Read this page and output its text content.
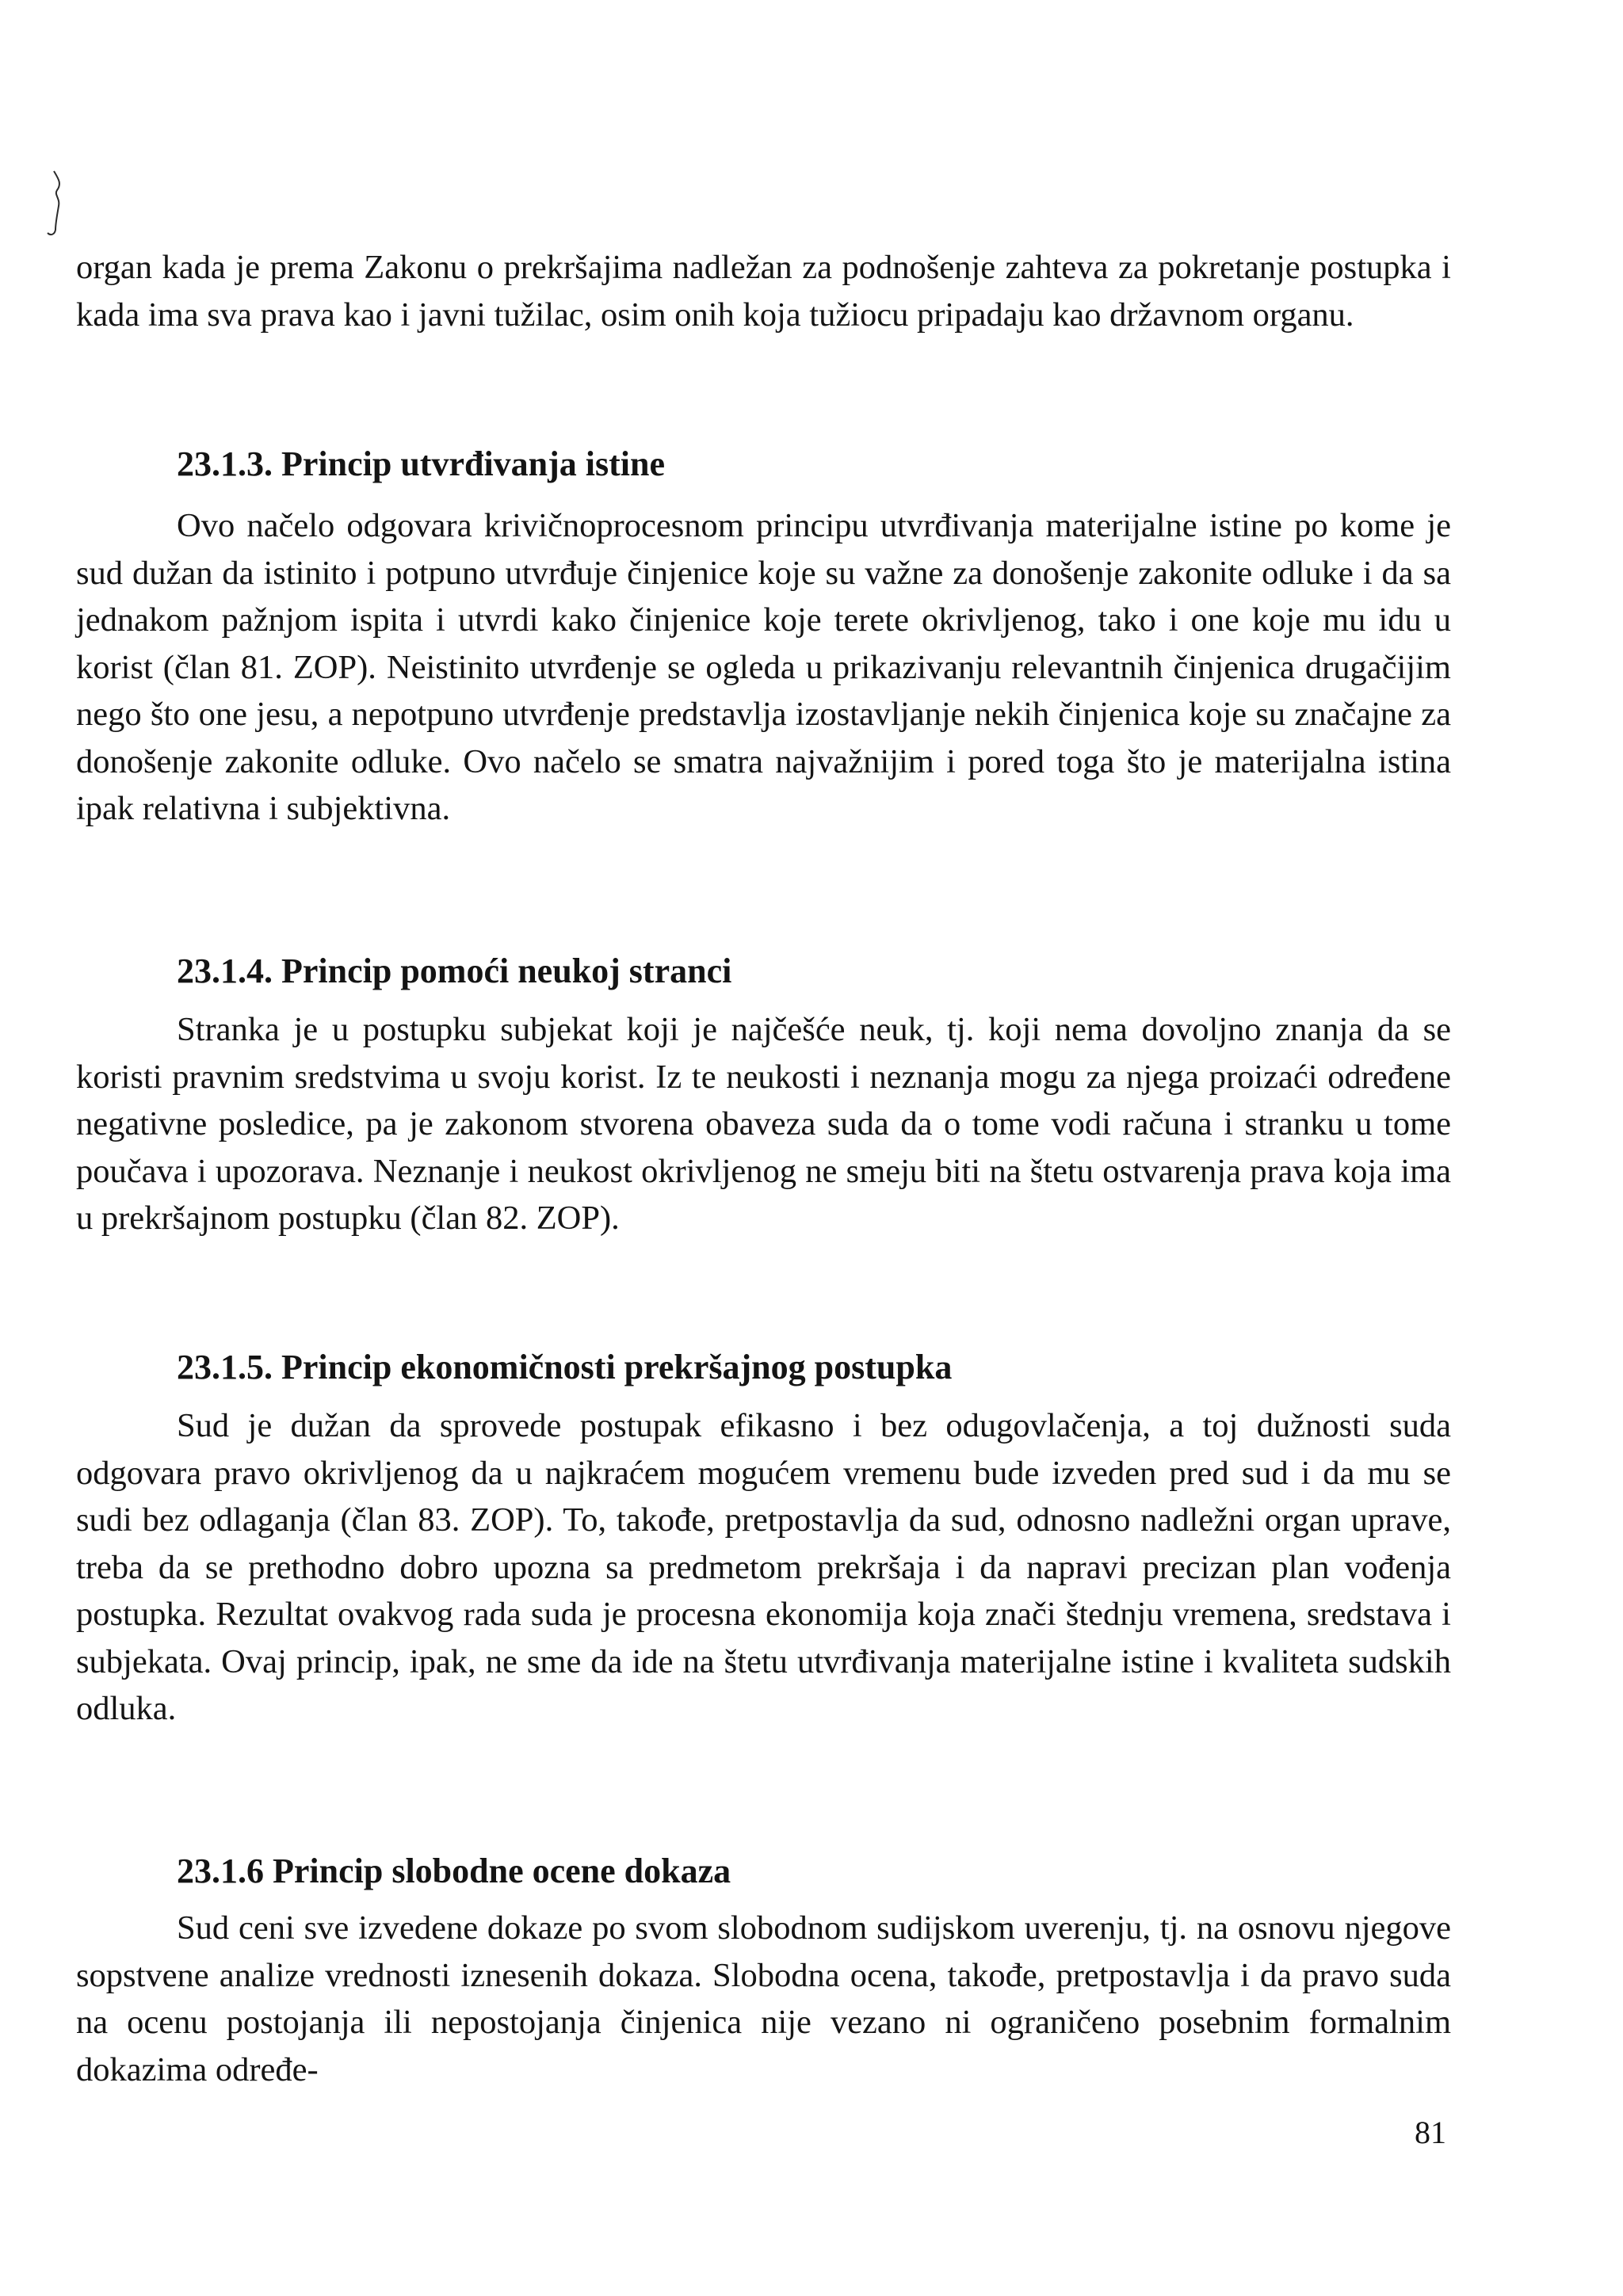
organ kada je prema Zakonu o prekršajima nadležan za podnošenje zahteva za pokretanje postupka i kada ima sva prava kao i javni tužilac, osim onih koja tužiocu pripadaju kao državnom organu.

23.1.3. Princip utvrđivanja istine

Ovo načelo odgovara krivičnoprocesnom principu utvrđivanja materijalne istine po kome je sud dužan da istinito i potpuno utvrđuje činjenice koje su važne za donošenje zakonite odluke i da sa jednakom pažnjom ispita i utvrdi kako činjenice koje terete okrivljenog, tako i one koje mu idu u korist (član 81. ZOP). Neistinito utvrđenje se ogleda u prikazivanju relevantnih činjenica drugačijim nego što one jesu, a nepotpuno utvrđenje predstavlja izostavljanje nekih činjenica koje su značajne za donošenje zakonite odluke. Ovo načelo se smatra najvažnijim i pored toga što je materijalna istina ipak relativna i subjektivna.

23.1.4. Princip pomoći neukoj stranci

Stranka je u postupku subjekat koji je najčešće neuk, tj. koji nema dovoljno znanja da se koristi pravnim sredstvima u svoju korist. Iz te neukosti i neznanja mogu za njega proizaći određene negativne posledice, pa je zakonom stvorena obaveza suda da o tome vodi računa i stranku u tome poučava i upozorava. Neznanje i neukost okrivljenog ne smeju biti na štetu ostvarenja prava koja ima u prekršajnom postupku (član 82. ZOP).

23.1.5. Princip ekonomičnosti prekršajnog postupka

Sud je dužan da sprovede postupak efikasno i bez odugovlačenja, a toj dužnosti suda odgovara pravo okrivljenog da u najkraćem mogućem vremenu bude izveden pred sud i da mu se sudi bez odlaganja (član 83. ZOP). To, takođe, pretpostavlja da sud, odnosno nadležni organ uprave, treba da se prethodno dobro upozna sa predmetom prekršaja i da napravi precizan plan vođenja postupka. Rezultat ovakvog rada suda je procesna ekonomija koja znači štednju vremena, sredstava i subjekata. Ovaj princip, ipak, ne sme da ide na štetu utvrđivanja materijalne istine i kvaliteta sudskih odluka.

23.1.6 Princip slobodne ocene dokaza

Sud ceni sve izvedene dokaze po svom slobodnom sudijskom uverenju, tj. na osnovu njegove sopstvene analize vrednosti iznesenih dokaza. Slobodna ocena, takođe, pretpostavlja i da pravo suda na ocenu postojanja ili nepostojanja činjenica nije vezano ni ograničeno posebnim formalnim dokazima određe-

81
